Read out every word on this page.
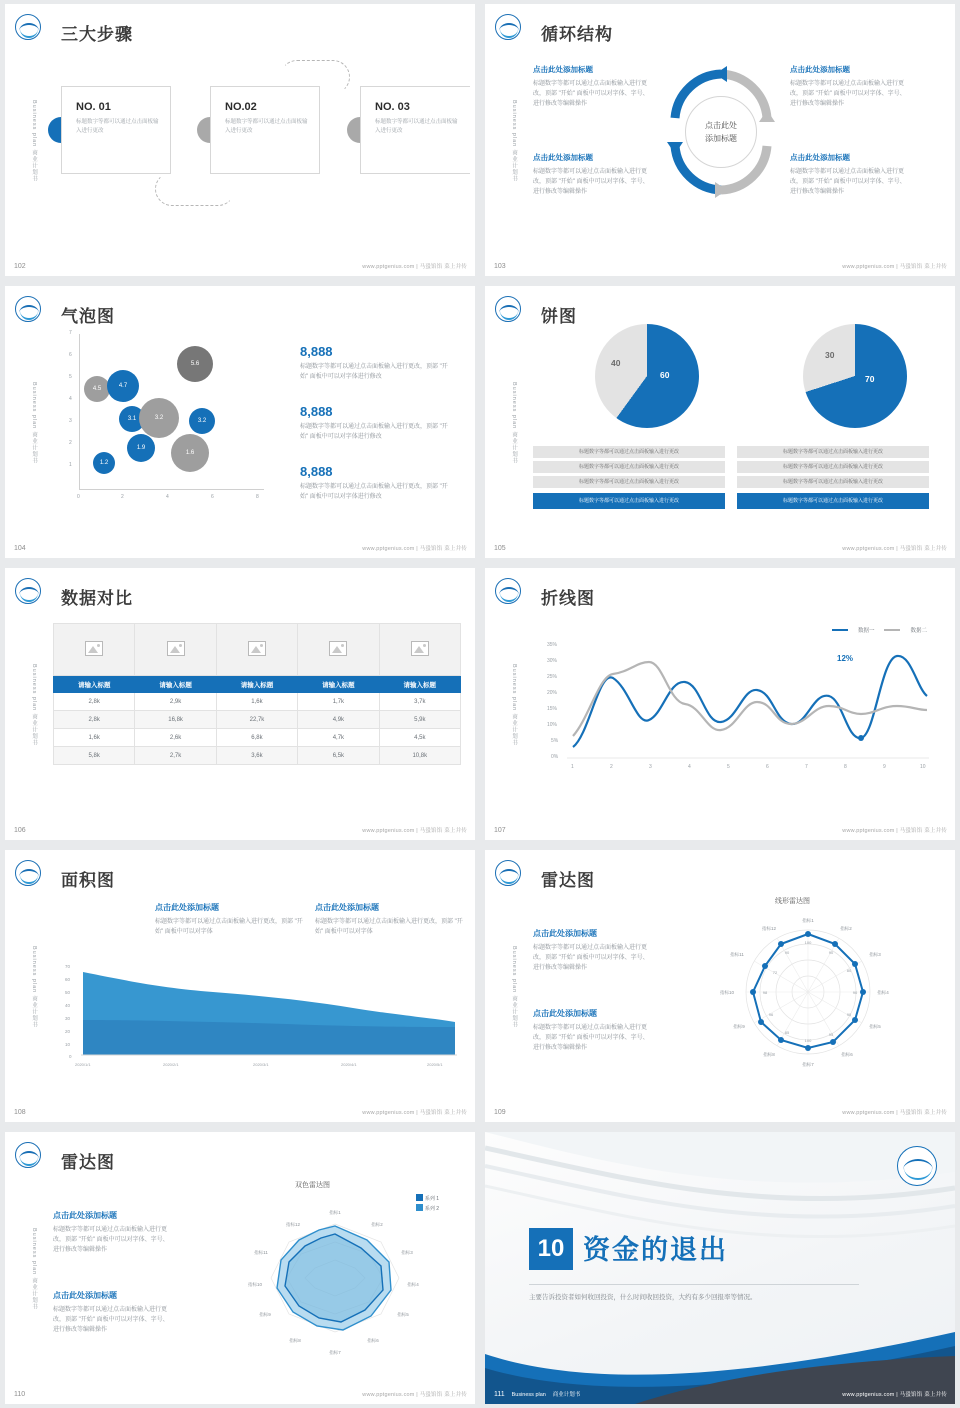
三大步骤
Business plan 商业计划书	NO. 01
标题数字等都可以通过点击面板输入进行更改
NO.02
标题数字等都可以通过点击面板输入进行更改
NO. 03
标题数字等都可以通过点击面板输入进行更改
102	www.pptgenius.com | 马蛩馅馅 菜上并传
循环结构
Business plan 商业计划书	点击此处
添加标题
点击此处添加标题
标题数字等都可以通过点击面板输入进行更改，顶部 "开始" 面板中可以对字体、字号、进行修改等编辑操作
点击此处添加标题
标题数字等都可以通过点击面板输入进行更改，顶部 "开始" 面板中可以对字体、字号、进行修改等编辑操作
点击此处添加标题
标题数字等都可以通过点击面板输入进行更改，顶部 "开始" 面板中可以对字体、字号、进行修改等编辑操作
点击此处添加标题
标题数字等都可以通过点击面板输入进行更改，顶部 "开始" 面板中可以对字体、字号、进行修改等编辑操作
103	www.pptgenius.com | 马蛩馅馅 菜上并传
气泡图
Business plan 商业计划书
7
6
5
4
3
2
1
0	2	4	6	8
4.5	4.7
3.1	3.2	3.2
5.6
1.9
1.2
1.6
8,888
标题数字等都可以通过点击面板输入进行更改，顶部 "开始" 面板中可以对字体进行修改
8,888
标题数字等都可以通过点击面板输入进行更改，顶部 "开始" 面板中可以对字体进行修改
8,888
标题数字等都可以通过点击面板输入进行更改，顶部 "开始" 面板中可以对字体进行修改
104	www.pptgenius.com | 马蛩馅馅 菜上并传
饼图
Business plan 商业计划书
60
40
70
30
标题数字等都可以通过点击面板输入进行更改
标题数字等都可以通过点击面板输入进行更改
标题数字等都可以通过点击面板输入进行更改
标题数字等都可以通过点击面板输入进行更改
标题数字等都可以通过点击面板输入进行更改
标题数字等都可以通过点击面板输入进行更改
标题数字等都可以通过点击面板输入进行更改
标题数字等都可以通过点击面板输入进行更改
105	www.pptgenius.com | 马蛩馅馅 菜上并传
数据对比
Business plan 商业计划书
					请输入标题	请输入标题	请输入标题	请输入标题	请输入标题
2,8k	2,9k	1,6k	1,7k	3,7k
2,8k	16,8k	22,7k	4,9k	5,9k
1,6k	2,6k	6,8k	4,7k	4,5k
5,8k	2,7k	3,6k	6,5k	10,8k
106	www.pptgenius.com | 马蛩馅馅 菜上并传
折线图
Business plan 商业计划书
数据一	数据二
35%
30%
25%
20%
15%
10%
5%
0%
1	2	3	4	5	6	7	8	9	10
12%
107	www.pptgenius.com | 马蛩馅馅 菜上并传
面积图
Business plan 商业计划书
点击此处添加标题
标题数字等都可以通过点击面板输入进行更改，顶部 "开始" 面板中可以对字体
点击此处添加标题
标题数字等都可以通过点击面板输入进行更改，顶部 "开始" 面板中可以对字体
70
60
50
40
30
20
10
0
2020/1/1	2020/2/1	2020/3/1	2020/4/1	2020/5/1
108	www.pptgenius.com | 马蛩馅馅 菜上并传
雷达图
Business plan 商业计划书
点击此处添加标题
标题数字等都可以通过点击面板输入进行更改，顶部 "开始" 面板中可以对字体、字号、进行修改等编辑操作
点击此处添加标题
标题数字等都可以通过点击面板输入进行更改，顶部 "开始" 面板中可以对字体、字号、进行修改等编辑操作
线形雷达图
指标1
指标2
指标3
指标4
指标5
指标6
指标7
指标8
指标9
指标10
指标11
指标12
100
90
80
90
90
95
100
85
96
98
72
90
109	www.pptgenius.com | 马蛩馅馅 菜上并传
雷达图
Business plan 商业计划书
点击此处添加标题
标题数字等都可以通过点击面板输入进行更改，顶部 "开始" 面板中可以对字体、字号、进行修改等编辑操作
点击此处添加标题
标题数字等都可以通过点击面板输入进行更改，顶部 "开始" 面板中可以对字体、字号、进行修改等编辑操作
双色雷达图
系列 1
系列 2
指标1
指标2
指标3
指标4
指标5
指标6
指标7
指标8
指标9
指标10
指标11
指标12
110	www.pptgenius.com | 马蛩馅馅 菜上并传
10 资金的退出
主要告诉投资者如何收回投资，什么时间收回投资，大约有多少回报率等情况。
111 Business plan 商业计划书	www.pptgenius.com | 马蛩馅馅 菜上并传
